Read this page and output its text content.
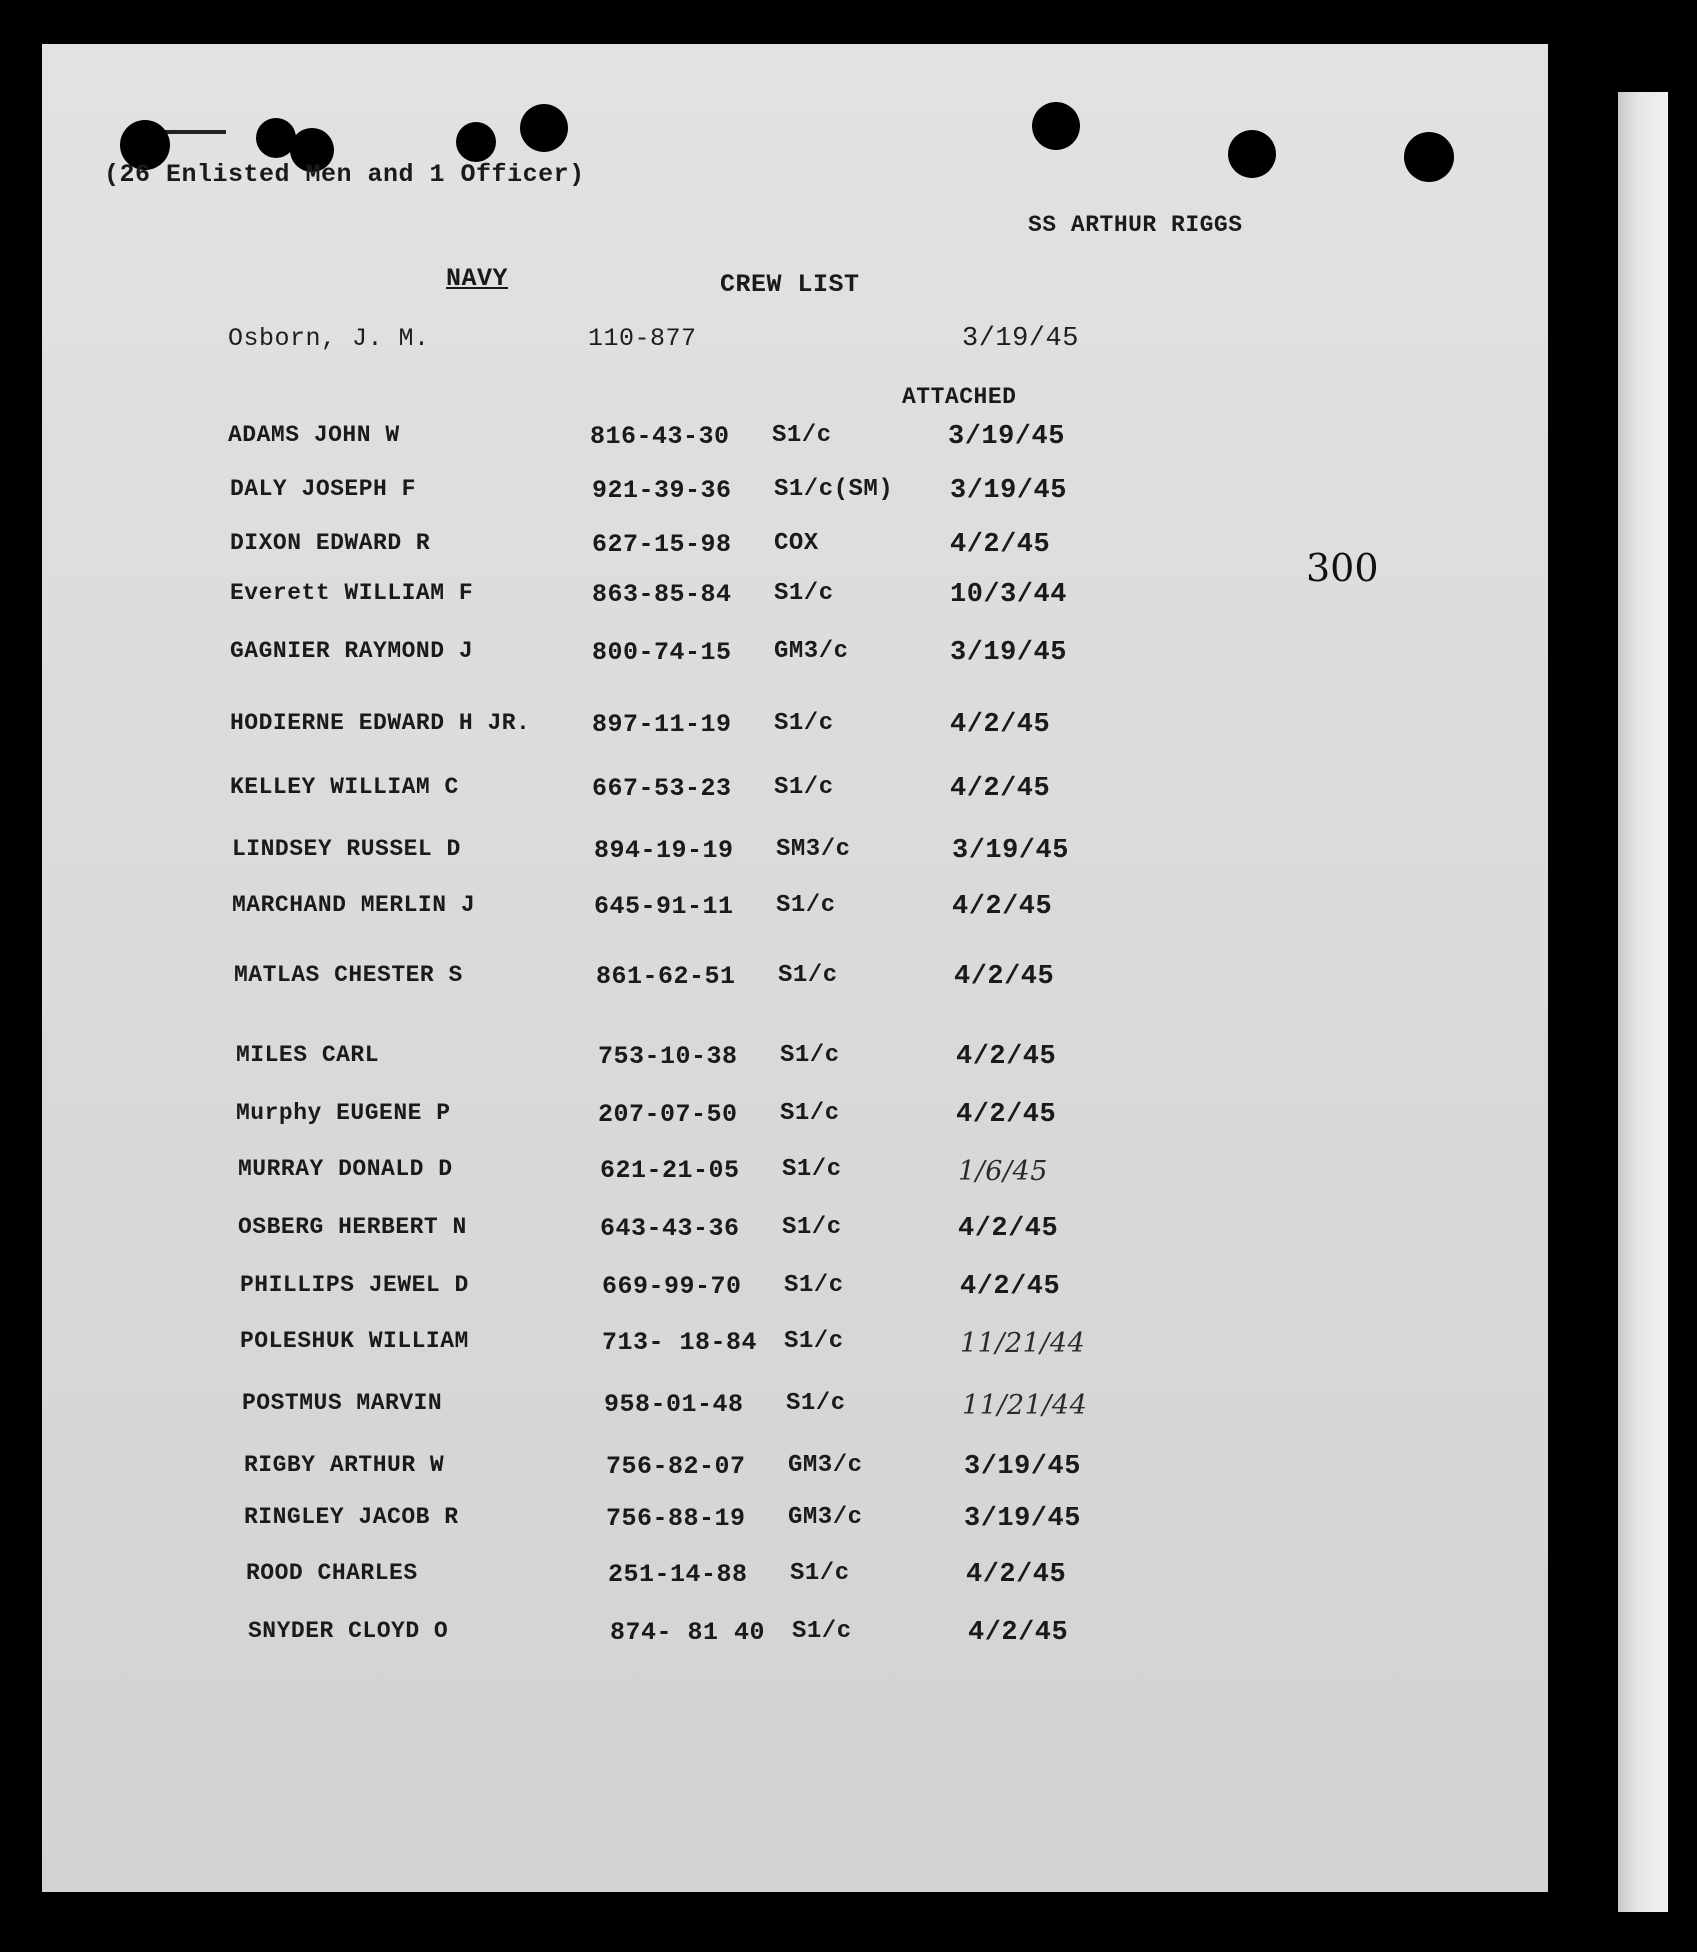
(26 Enlisted Men and 1 Officer)
SS ARTHUR RIGGS
NAVY	CREW LIST
Osborn, J. M.	110-877	3/19/45
ATTACHED
300
ADAMS JOHN W	816-43-30 S1/c	3/19/45
DALY JOSEPH F	921-39-36 S1/c(SM) 3/19/45
DIXON EDWARD R	627-15-98 COX	4/2/45
Everett WILLIAM F	863-85-84 S1/c	10/3/44
GAGNIER RAYMOND J	800-74-15 GM3/c	3/19/45
HODIERNE EDWARD H JR. 897-11-19 S1/c	4/2/45
KELLEY WILLIAM C	667-53-23 S1/c	4/2/45
LINDSEY RUSSEL D	894-19-19 SM3/c	3/19/45
MARCHAND MERLIN J	645-91-11 S1/c	4/2/45
MATLAS CHESTER S	861-62-51 S1/c	4/2/45
MILES CARL	753-10-38 S1/c	4/2/45
Murphy EUGENE P	207-07-50 S1/c	4/2/45
MURRAY DONALD D	621-21-05 S1/c	1/6/45
OSBERG HERBERT N	643-43-36 S1/c	4/2/45
PHILLIPS JEWEL D	669-99-70 S1/c	4/2/45
POLESHUK WILLIAM	713- 18-84 S1/c	11/21/44
POSTMUS MARVIN	958-01-48 S1/c	11/21/44
RIGBY ARTHUR W	756-82-07 GM3/c	3/19/45
RINGLEY JACOB R	756-88-19 GM3/c	3/19/45
ROOD CHARLES	251-14-88 S1/c	4/2/45
SNYDER CLOYD O	874- 81 40 S1/c	4/2/45
